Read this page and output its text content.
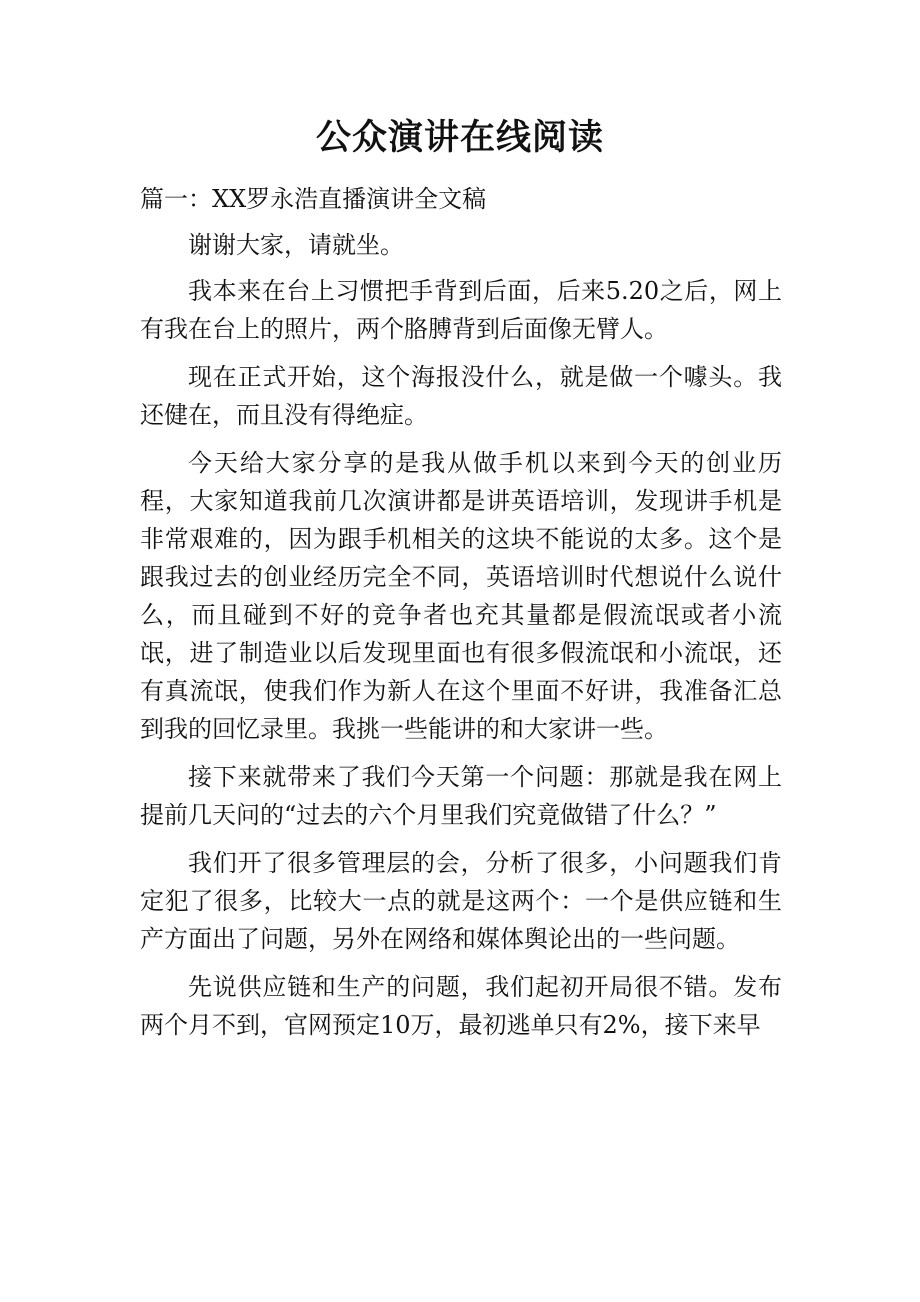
公众演讲在线阅读

篇一：XX罗永浩直播演讲全文稿

谢谢大家，请就坐。

我本来在台上习惯把手背到后面，后来5.20之后，网上有我在台上的照片，两个胳膊背到后面像无臂人。

现在正式开始，这个海报没什么，就是做一个噱头。我还健在，而且没有得绝症。

今天给大家分享的是我从做手机以来到今天的创业历程，大家知道我前几次演讲都是讲英语培训，发现讲手机是非常艰难的，因为跟手机相关的这块不能说的太多。这个是跟我过去的创业经历完全不同，英语培训时代想说什么说什么，而且碰到不好的竞争者也充其量都是假流氓或者小流氓，进了制造业以后发现里面也有很多假流氓和小流氓，还有真流氓，使我们作为新人在这个里面不好讲，我准备汇总到我的回忆录里。我挑一些能讲的和大家讲一些。

接下来就带来了我们今天第一个问题：那就是我在网上提前几天问的“过去的六个月里我们究竟做错了什么？”

我们开了很多管理层的会，分析了很多，小问题我们肯定犯了很多，比较大一点的就是这两个：一个是供应链和生产方面出了问题，另外在网络和媒体舆论出的一些问题。

先说供应链和生产的问题，我们起初开局很不错。发布两个月不到，官网预定10万，最初逃单只有2%，接下来早
